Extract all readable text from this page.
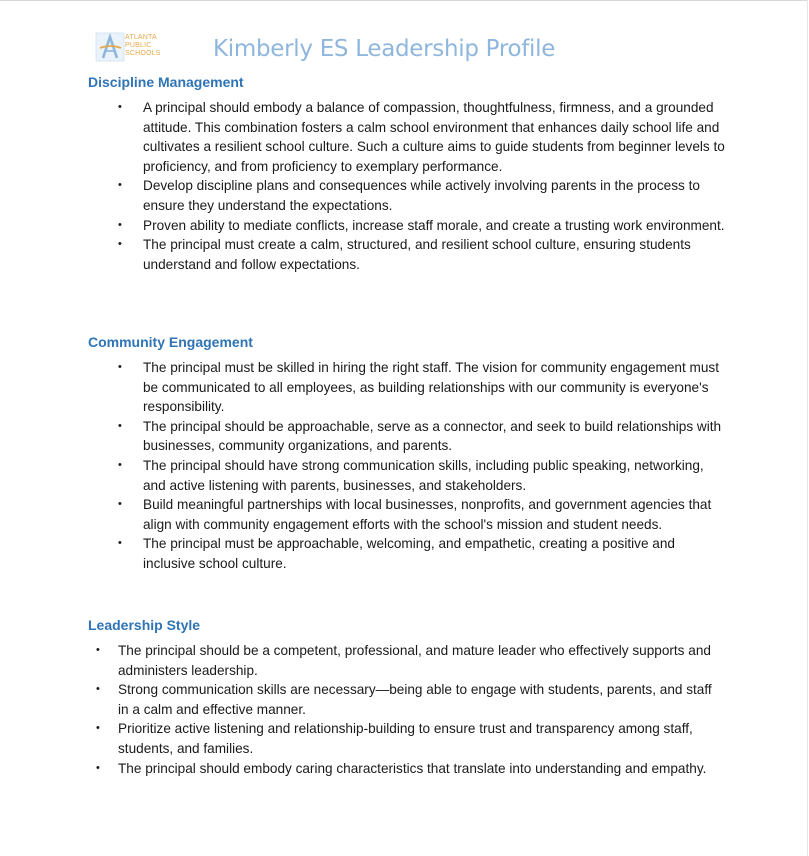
ATLANTA
PUBLIC
SCHOOLS Kimberly ES Leadership Profile
Discipline Management
• A principal should embody a balance of compassion, thoughtfulness, firmness, and a grounded attitude. This combination fosters a calm school environment that enhances daily school life and cultivates a resilient school culture. Such a culture aims to guide students from beginner levels to proficiency, and from proficiency to exemplary performance.
• Develop discipline plans and consequences while actively involving parents in the process to ensure they understand the expectations.
• Proven ability to mediate conflicts, increase staff morale, and create a trusting work environment.
• The principal must create a calm, structured, and resilient school culture, ensuring students understand and follow expectations.
Community Engagement
• The principal must be skilled in hiring the right staff. The vision for community engagement must be communicated to all employees, as building relationships with our community is everyone's responsibility.
• The principal should be approachable, serve as a connector, and seek to build relationships with businesses, community organizations, and parents.
• The principal should have strong communication skills, including public speaking, networking, and active listening with parents, businesses, and stakeholders.
• Build meaningful partnerships with local businesses, nonprofits, and government agencies that align with community engagement efforts with the school's mission and student needs.
• The principal must be approachable, welcoming, and empathetic, creating a positive and inclusive school culture.
Leadership Style
• The principal should be a competent, professional, and mature leader who effectively supports and administers leadership.
• Strong communication skills are necessary—being able to engage with students, parents, and staff in a calm and effective manner.
• Prioritize active listening and relationship-building to ensure trust and transparency among staff, students, and families.
• The principal should embody caring characteristics that translate into understanding and empathy.
